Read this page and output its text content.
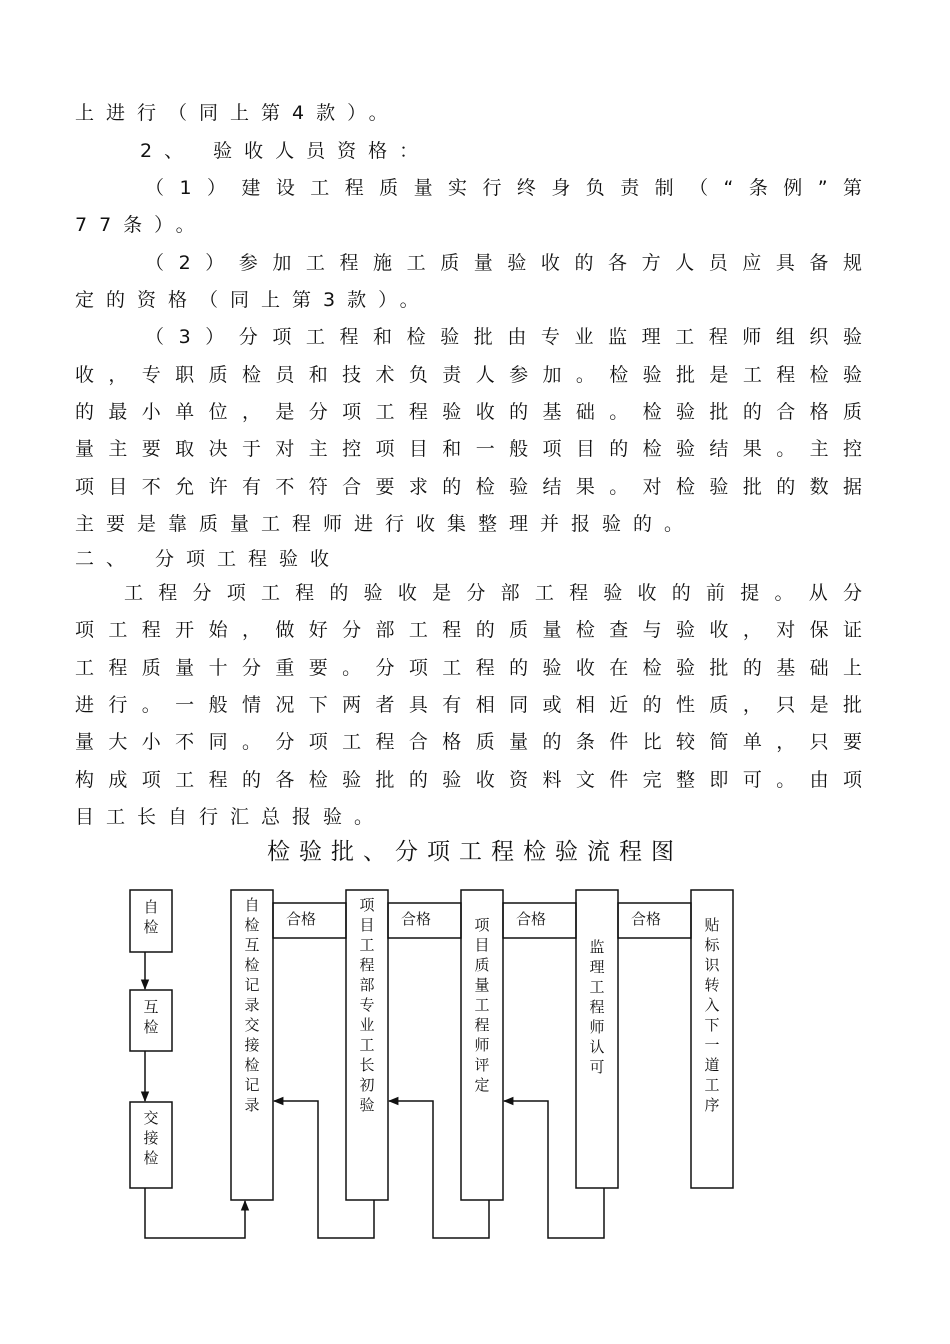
上进行（同上第4款）。
2、 验收人员资格：
（1）建设工程质量实行终身负责制（“条例”第
77条）。
（2）参加工程施工质量验收的各方人员应具备规
定的资格（同上第3款）。
（3）分项工程和检验批由专业监理工程师组织验
收，专职质检员和技术负责人参加。检验批是工程检验
的最小单位，是分项工程验收的基础。检验批的合格质
量主要取决于对主控项目和一般项目的检验结果。主控
项目不允许有不符合要求的检验结果。对检验批的数据
主要是靠质量工程师进行收集整理并报验的。
二、 分项工程验收
工程分项工程的验收是分部工程验收的前提。从分
项工程开始，做好分部工程的质量检查与验收，对保证
工程质量十分重要。分项工程的验收在检验批的基础上
进行。一般情况下两者具有相同或相近的性质，只是批
量大小不同。分项工程合格质量的条件比较简单，只要
构成项工程的各检验批的验收资料文件完整即可。由项
目工长自行汇总报验。
检验批、分项工程检验流程图
合格	合格	合格	合格
自
检
互
检
交
接
检
自
检
互
检
记
录
交
接
检
记
录
项
目
工
程
部
专
业
工
长
初
验
项
目
质
量
工
程
师
评
定
监
理
工
程
师
认
可
贴
标
识
转
入
下
一
道
工
序
